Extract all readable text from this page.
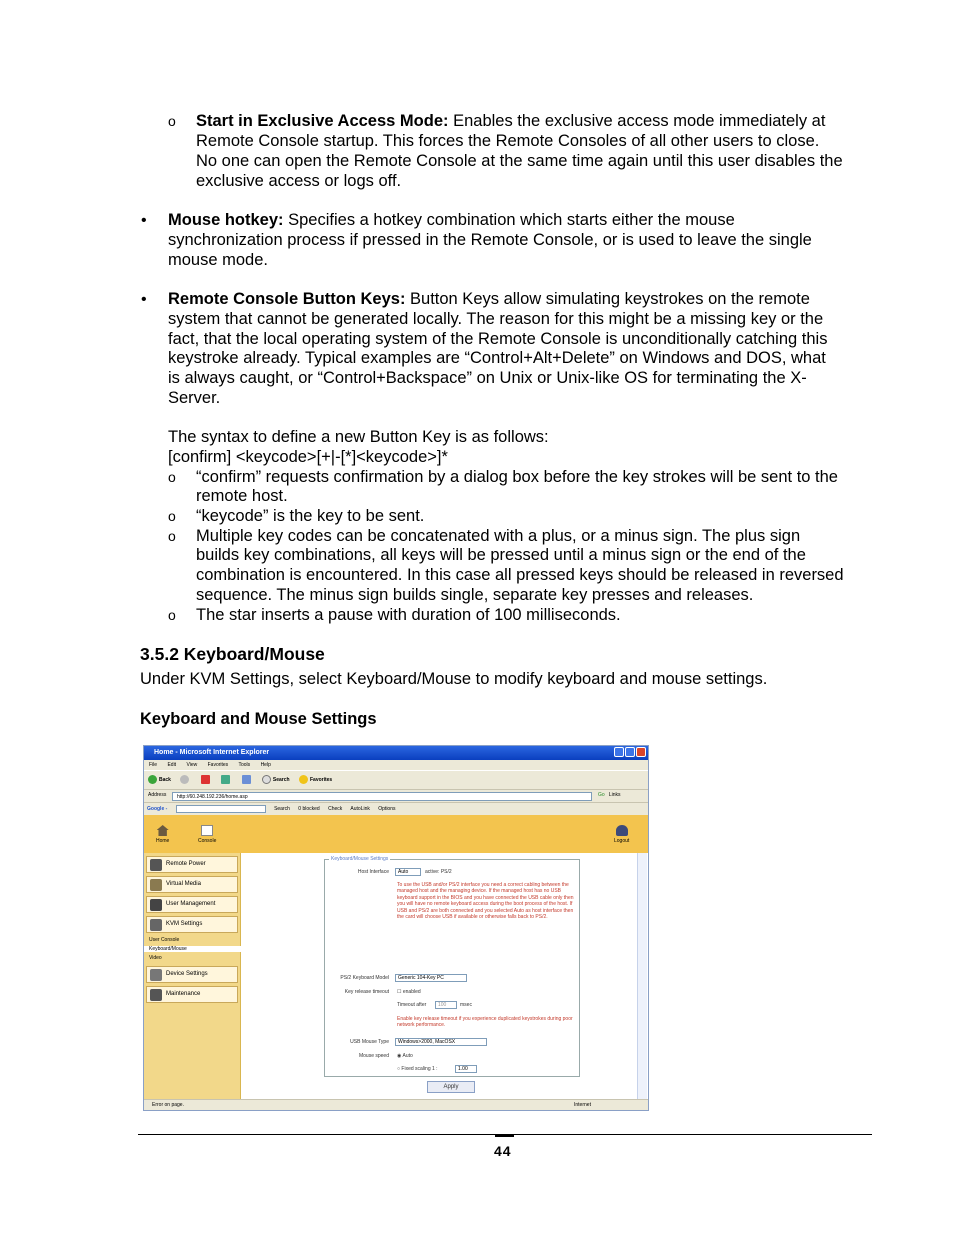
o Start in Exclusive Access Mode: Enables the exclusive access mode immediately at
Remote Console startup. This forces the Remote Consoles of all other users to close.
No one can open the Remote Console at the same time again until this user disables the
exclusive access or logs off.
• Mouse hotkey: Specifies a hotkey combination which starts either the mouse
synchronization process if pressed in the Remote Console, or is used to leave the single
mouse mode.
• Remote Console Button Keys: Button Keys allow simulating keystrokes on the remote
system that cannot be generated locally. The reason for this might be a missing key or the
fact, that the local operating system of the Remote Console is unconditionally catching this
keystroke already. Typical examples are “Control+Alt+Delete” on Windows and DOS, what
is always caught, or “Control+Backspace” on Unix or Unix-like OS for terminating the X-
Server.
The syntax to define a new Button Key is as follows:
[confirm] <keycode>[+|-[*]<keycode>]*
o “confirm” requests confirmation by a dialog box before the key strokes will be sent to the
remote host.
o “keycode” is the key to be sent.
o Multiple key codes can be concatenated with a plus, or a minus sign. The plus sign
builds key combinations, all keys will be pressed until a minus sign or the end of the
combination is encountered. In this case all pressed keys should be released in reversed
sequence. The minus sign builds single, separate key presses and releases.
o The star inserts a pause with duration of 100 milliseconds.
3.5.2 Keyboard/Mouse
Under KVM Settings, select Keyboard/Mouse to modify keyboard and mouse settings.
Keyboard and Mouse Settings
Home - Microsoft Internet Explorer
File Edit View Favorites Tools Help
Back	Search	Favorites
Address	http://60.248.192.236/home.asp	Go Links
Google -	Search 0 blocked Check AutoLink Options
Home	Console	Logout
Remote Power
Virtual Media
User Management
KVM Settings
User Console
Keyboard/Mouse
Video
Device Settings
Maintenance
Keyboard/Mouse Settings
Host Interface	Auto	active: PS/2
To use the USB and/or PS/2 interface you need a correct cabling between the managed host and the managing device. If the managed host has no USB keyboard support in the BIOS and you have connected the USB cable only then you will have no remote keyboard access during the boot process of the host. If USB and PS/2 are both connected and you selected Auto as host interface then the card will choose USB if available or otherwise falls back to PS/2.
PS/2 Keyboard Model	Generic 104-Key PC
Key release timeout ☐ enabled
Timeout after	100	msec
Enable key release timeout if you experience duplicated keystrokes during poor network performance.
USB Mouse Type	Windows>2000, MacOSX
Mouse speed ◉ Auto
○ Fixed scaling 1 :	1.00
Apply
Error on page.	Internet
44
